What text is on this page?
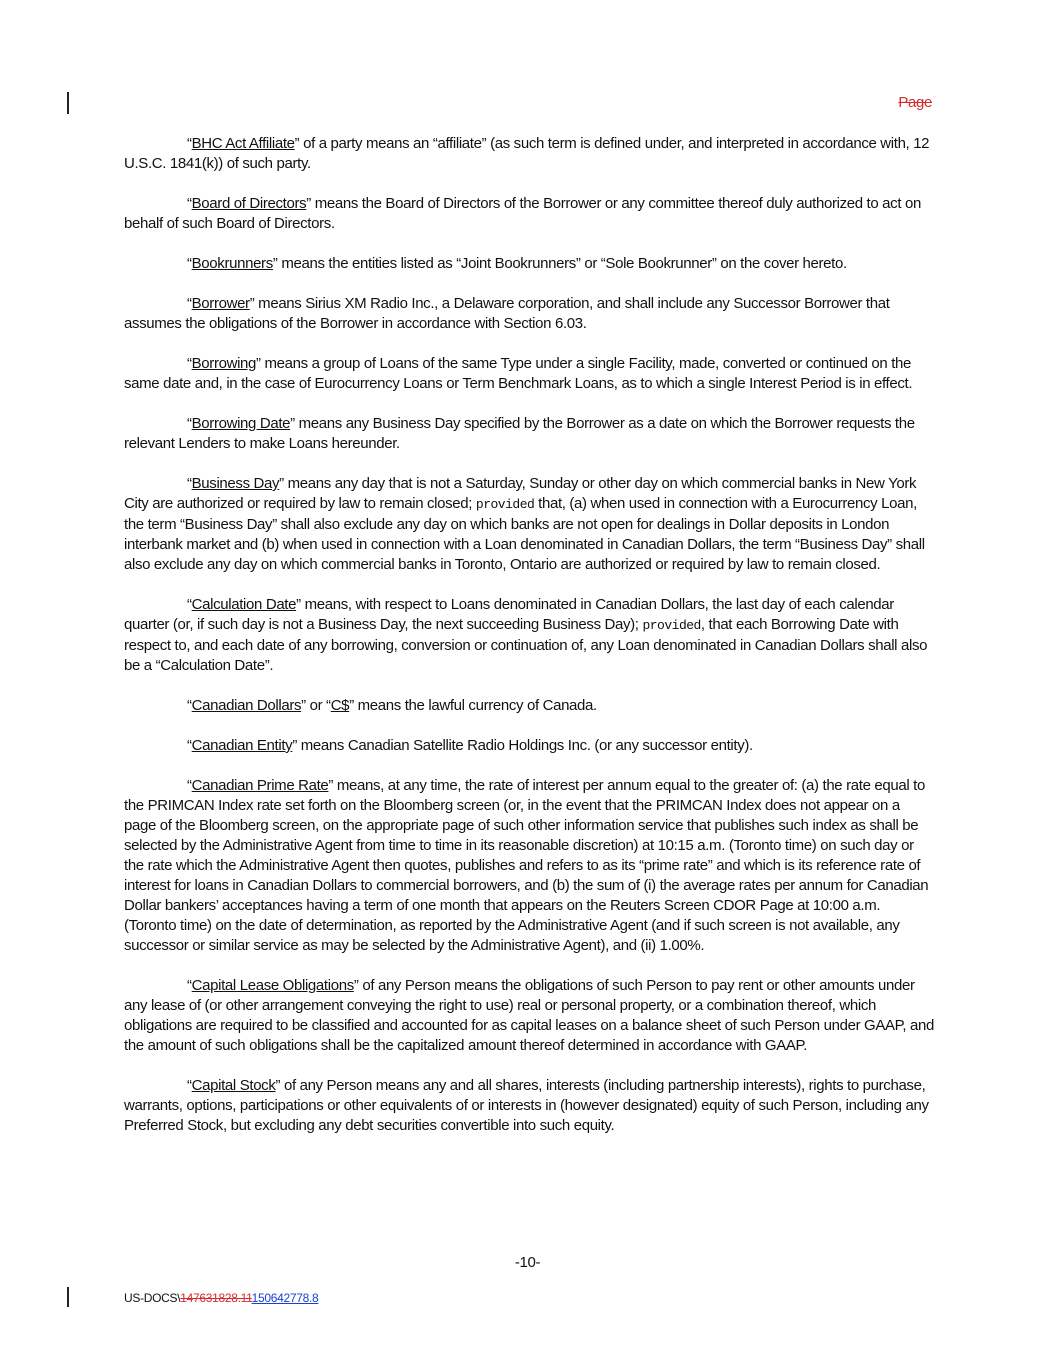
Page

“BHC Act Affiliate” of a party means an “affiliate” (as such term is defined under, and interpreted in accordance with, 12 U.S.C. 1841(k)) of such party.

“Board of Directors” means the Board of Directors of the Borrower or any committee thereof duly authorized to act on behalf of such Board of Directors.

“Bookrunners” means the entities listed as “Joint Bookrunners” or “Sole Bookrunner” on the cover hereto.

“Borrower” means Sirius XM Radio Inc., a Delaware corporation, and shall include any Successor Borrower that assumes the obligations of the Borrower in accordance with Section 6.03.

“Borrowing” means a group of Loans of the same Type under a single Facility, made, converted or continued on the same date and, in the case of Eurocurrency Loans or Term Benchmark Loans, as to which a single Interest Period is in effect.

“Borrowing Date” means any Business Day specified by the Borrower as a date on which the Borrower requests the relevant Lenders to make Loans hereunder.

“Business Day” means any day that is not a Saturday, Sunday or other day on which commercial banks in New York City are authorized or required by law to remain closed; provided that, (a) when used in connection with a Eurocurrency Loan, the term “Business Day” shall also exclude any day on which banks are not open for dealings in Dollar deposits in London interbank market and (b) when used in connection with a Loan denominated in Canadian Dollars, the term “Business Day” shall also exclude any day on which commercial banks in Toronto, Ontario are authorized or required by law to remain closed.

“Calculation Date” means, with respect to Loans denominated in Canadian Dollars, the last day of each calendar quarter (or, if such day is not a Business Day, the next succeeding Business Day); provided, that each Borrowing Date with respect to, and each date of any borrowing, conversion or continuation of, any Loan denominated in Canadian Dollars shall also be a “Calculation Date”.

“Canadian Dollars” or “C$” means the lawful currency of Canada.

“Canadian Entity” means Canadian Satellite Radio Holdings Inc. (or any successor entity).

“Canadian Prime Rate” means, at any time, the rate of interest per annum equal to the greater of: (a) the rate equal to the PRIMCAN Index rate set forth on the Bloomberg screen (or, in the event that the PRIMCAN Index does not appear on a page of the Bloomberg screen, on the appropriate page of such other information service that publishes such index as shall be selected by the Administrative Agent from time to time in its reasonable discretion) at 10:15 a.m. (Toronto time) on such day or the rate which the Administrative Agent then quotes, publishes and refers to as its “prime rate” and which is its reference rate of interest for loans in Canadian Dollars to commercial borrowers, and (b) the sum of (i) the average rates per annum for Canadian Dollar bankers’ acceptances having a term of one month that appears on the Reuters Screen CDOR Page at 10:00 a.m. (Toronto time) on the date of determination, as reported by the Administrative Agent (and if such screen is not available, any successor or similar service as may be selected by the Administrative Agent), and (ii) 1.00%.

“Capital Lease Obligations” of any Person means the obligations of such Person to pay rent or other amounts under any lease of (or other arrangement conveying the right to use) real or personal property, or a combination thereof, which obligations are required to be classified and accounted for as capital leases on a balance sheet of such Person under GAAP, and the amount of such obligations shall be the capitalized amount thereof determined in accordance with GAAP.

“Capital Stock” of any Person means any and all shares, interests (including partnership interests), rights to purchase, warrants, options, participations or other equivalents of or interests in (however designated) equity of such Person, including any Preferred Stock, but excluding any debt securities convertible into such equity.

-10-
US-DOCS\147631828.11150642778.8
